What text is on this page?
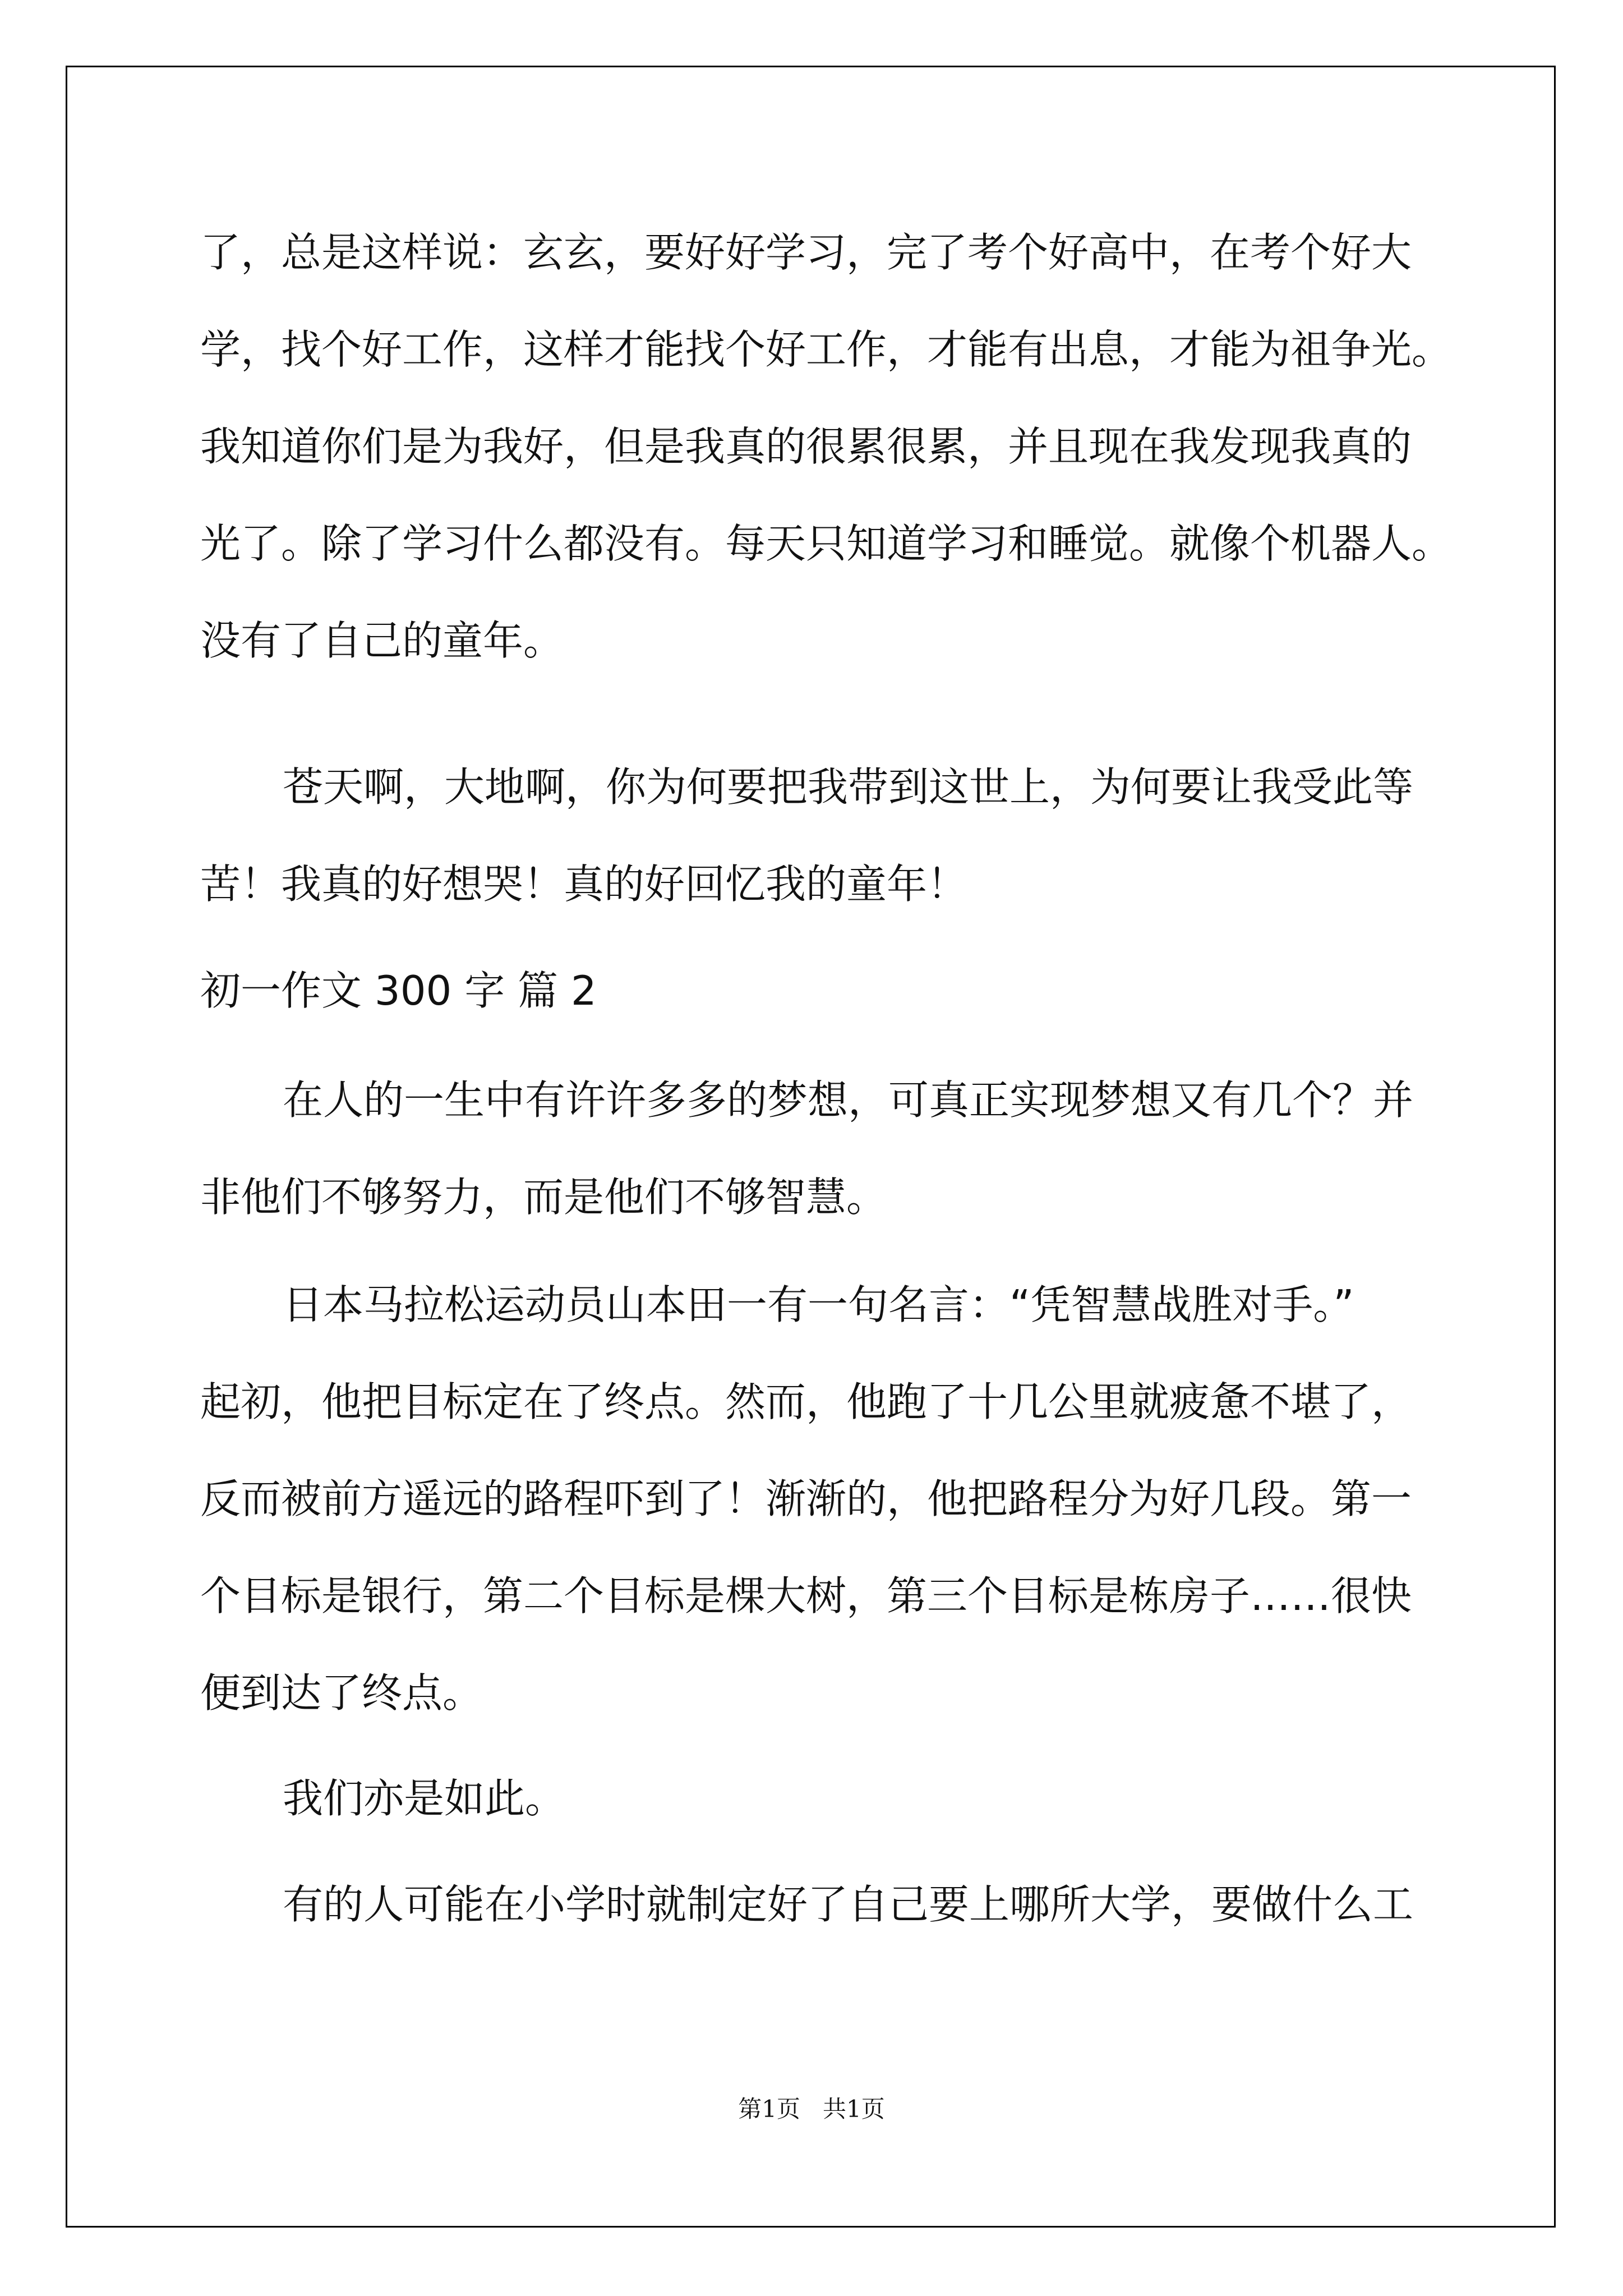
了，总是这样说：玄玄，要好好学习，完了考个好高中，在考个好大

学，找个好工作，这样才能找个好工作，才能有出息，才能为祖争光。

我知道你们是为我好，但是我真的很累很累，并且现在我发现我真的

光了。除了学习什么都没有。每天只知道学习和睡觉。就像个机器人。

没有了自己的童年。

苍天啊，大地啊，你为何要把我带到这世上，为何要让我受此等

苦！我真的好想哭！真的好回忆我的童年！

初一作文 300 字 篇 2

在人的一生中有许许多多的梦想，可真正实现梦想又有几个？并

非他们不够努力，而是他们不够智慧。

日本马拉松运动员山本田一有一句名言：“凭智慧战胜对手。”

起初，他把目标定在了终点。然而，他跑了十几公里就疲惫不堪了，

反而被前方遥远的路程吓到了！渐渐的，他把路程分为好几段。第一

个目标是银行，第二个目标是棵大树，第三个目标是栋房子……很快

便到达了终点。

我们亦是如此。

有的人可能在小学时就制定好了自己要上哪所大学，要做什么工

第1页   共1页
